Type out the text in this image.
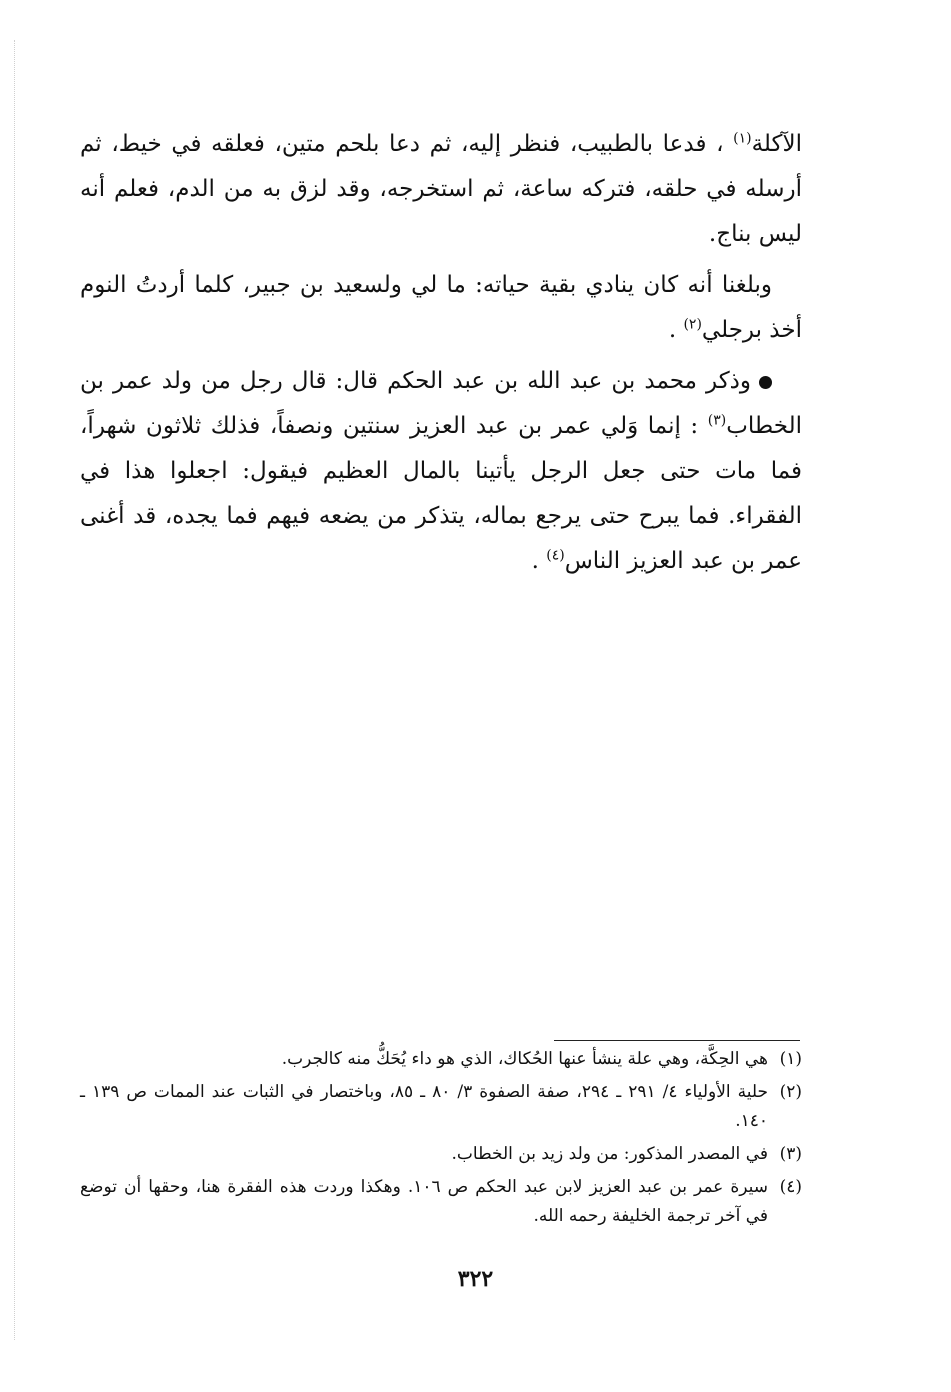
الآكلة$^{(١)}$ ، فدعا بالطبيب، فنظر إليه، ثم دعا بلحم متين، فعلقه في خيط، ثم أرسله في حلقه، فتركه ساعة، ثم استخرجه، وقد لزق به من الدم، فعلم أنه ليس بناج.

وبلغنا أنه كان ينادي بقية حياته: ما لي ولسعيد بن جبير، كلما أردتُ النوم أخذ برجلي$^{(٢)}$ .

وذكر محمد بن عبد الله بن عبد الحكم قال: قال رجل من ولد عمر بن الخطاب$^{(٣)}$ : إنما وَلي عمر بن عبد العزيز سنتين ونصفاً، فذلك ثلاثون شهراً، فما مات حتى جعل الرجل يأتينا بالمال العظيم فيقول: اجعلوا هذا في الفقراء. فما يبرح حتى يرجع بماله، يتذكر من يضعه فيهم فما يجده، قد أغنى عمر بن عبد العزيز الناس$^{(٤)}$ .

(١)
هي الحِكَّة، وهي علة ينشأ عنها الحُكاك، الذي هو داء يُحَكُّ منه كالجرب.
(٢)
حلية الأولياء ٤/ ٢٩١ ـ ٢٩٤، صفة الصفوة ٣/ ٨٠ ـ ٨٥، وباختصار في الثبات عند الممات ص ١٣٩ ـ ١٤٠.
(٣)
في المصدر المذكور: من ولد زيد بن الخطاب.
(٤)
سيرة عمر بن عبد العزيز لابن عبد الحكم ص ١٠٦. وهكذا وردت هذه الفقرة هنا، وحقها أن توضع في آخر ترجمة الخليفة رحمه الله.
٣٢٢
